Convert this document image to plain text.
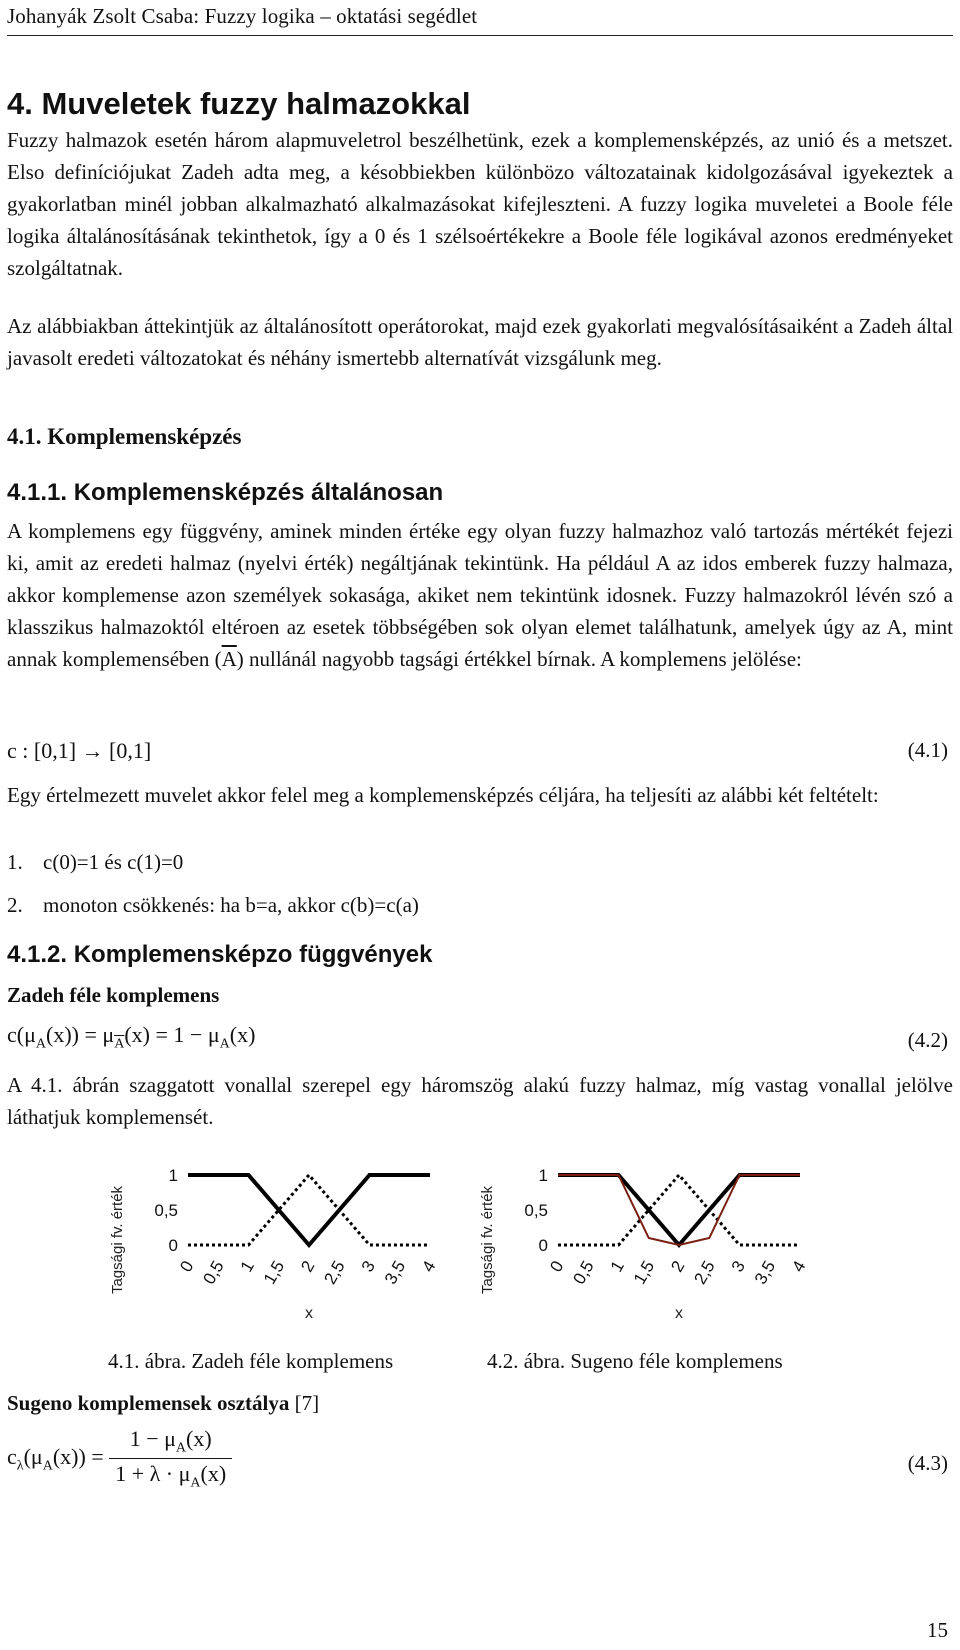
Johanyák Zsolt Csaba: Fuzzy logika – oktatási segédlet
4. Muveletek fuzzy halmazokkal

Fuzzy halmazok esetén három alapmuveletrol beszélhetünk, ezek a komplemensképzés, az unió és a metszet. Elso definíciójukat Zadeh adta meg, a késobbiekben különbözo változatainak kidolgozásával igyekeztek a gyakorlatban minél jobban alkalmazható alkalmazásokat kifejleszteni. A fuzzy logika muveletei a Boole féle logika általánosításának tekinthetok, így a 0 és 1 szélsoértékekre a Boole féle logikával azonos eredményeket szolgáltatnak.

Az alábbiakban áttekintjük az általánosított operátorokat, majd ezek gyakorlati megvalósításaiként a Zadeh által javasolt eredeti változatokat és néhány ismertebb alternatívát vizsgálunk meg.

4.1. Komplemensképzés
4.1.1. Komplemensképzés általánosan

A komplemens egy függvény, aminek minden értéke egy olyan fuzzy halmazhoz való tartozás mértékét fejezi ki, amit az eredeti halmaz (nyelvi érték) negáltjának tekintünk. Ha például A az idos emberek fuzzy halmaza, akkor komplemense azon személyek sokasága, akiket nem tekintünk idosnek. Fuzzy halmazokról lévén szó a klasszikus halmazoktól eltéroen az esetek többségében sok olyan elemet találhatunk, amelyek úgy az A, mint annak komplemensében $(\overline{A})$ nullánál nagyobb tagsági értékkel bírnak. A komplemens jelölése:

c : [0,1] → [0,1]	(4.1)

Egy értelmezett muvelet akkor felel meg a komplemensképzés céljára, ha teljesíti az alábbi két feltételt:

1. c(0)=1 és c(1)=0
2. monoton csökkenés: ha b=a, akkor c(b)=c(a)
4.1.2. Komplemensképzo függvények
Zadeh féle komplemens
$c(\mu_A(x)) = \mu_{\overline{A}}(x) = 1 - \mu_A(x)$	(4.2)

A 4.1. ábrán szaggatott vonallal szerepel egy háromszög alakú fuzzy halmaz, míg vastag vonallal jelölve láthatjuk komplemensét.

Tagsági fv. érték	0
0,5
1
0 0,5 1 1,5 2 2,5 3 3,5 4
x
Tagsági fv. érték	0
0,5
1
0 0,5 1 1,5 2 2,5 3 3,5 4
x
4.1. ábra. Zadeh féle komplemens	4.2. ábra. Sugeno féle komplemens
Sugeno komplemensek osztálya [7]
$c_\lambda(\mu_A(x)) = \frac{1 - \mu_A(x)}{1 + \lambda \cdot \mu_A(x)}$	(4.3)
15
